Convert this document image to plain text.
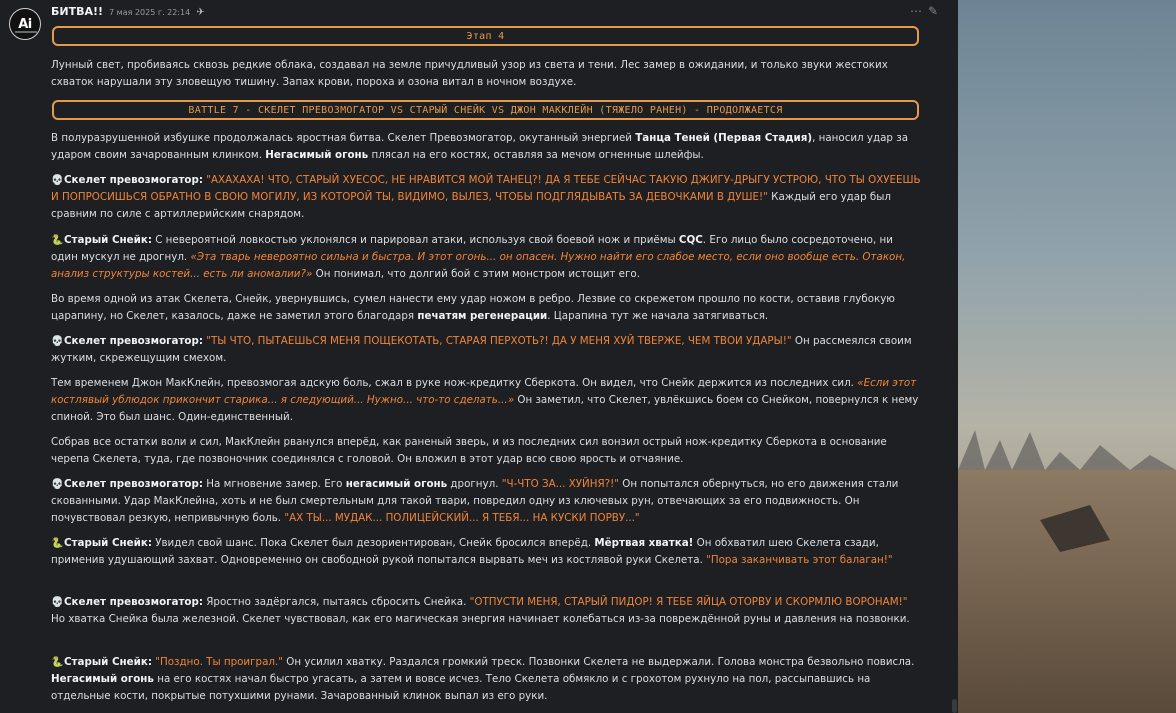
Ai
БИТВА!! 7 мая 2025 г. 22:14 ✈	⋯ ✎
Этап 4
BATTLE 7 - СКЕЛЕТ ПРЕВОЗМОГАТОР VS СТАРЫЙ СНЕЙК VS ДЖОН МАККЛЕЙН (ТЯЖЕЛО РАНЕН) - ПРОДОЛЖАЕТСЯ
Лунный свет, пробиваясь сквозь редкие облака, создавал на земле причудливый узор из света и тени. Лес замер в ожидании, и только звуки жестоких схваток нарушали эту зловещую тишину. Запах крови, пороха и озона витал в ночном воздухе.
В полуразрушенной избушке продолжалась яростная битва. Скелет Превозмогатор, окутанный энергией Танца Теней (Первая Стадия), наносил удар за ударом своим зачарованным клинком. Негасимый огонь плясал на его костях, оставляя за мечом огненные шлейфы.
💀Скелет превозмогатор: "АХАХАХА! ЧТО, СТАРЫЙ ХУЕСОС, НЕ НРАВИТСЯ МОЙ ТАНЕЦ?! ДА Я ТЕБЕ СЕЙЧАС ТАКУЮ ДЖИГУ-ДРЫГУ УСТРОЮ, ЧТО ТЫ ОХУЕЕШЬ И ПОПРОСИШЬСЯ ОБРАТНО В СВОЮ МОГИЛУ, ИЗ КОТОРОЙ ТЫ, ВИДИМО, ВЫЛЕЗ, ЧТОБЫ ПОДГЛЯДЫВАТЬ ЗА ДЕВОЧКАМИ В ДУШЕ!" Каждый его удар был сравним по силе с артиллерийским снарядом.
🐍Старый Снейк: С невероятной ловкостью уклонялся и парировал атаки, используя свой боевой нож и приёмы CQC. Его лицо было сосредоточено, ни один мускул не дрогнул. «Эта тварь невероятно сильна и быстра. И этот огонь... он опасен. Нужно найти его слабое место, если оно вообще есть. Отакон, анализ структуры костей... есть ли аномалии?» Он понимал, что долгий бой с этим монстром истощит его.
Во время одной из атак Скелета, Снейк, увернувшись, сумел нанести ему удар ножом в ребро. Лезвие со скрежетом прошло по кости, оставив глубокую царапину, но Скелет, казалось, даже не заметил этого благодаря печатям регенерации. Царапина тут же начала затягиваться.
💀Скелет превозмогатор: "ТЫ ЧТО, ПЫТАЕШЬСЯ МЕНЯ ПОЩЕКОТАТЬ, СТАРАЯ ПЕРХОТЬ?! ДА У МЕНЯ ХУЙ ТВЕРЖЕ, ЧЕМ ТВОИ УДАРЫ!" Он рассмеялся своим жутким, скрежещущим смехом.
Тем временем Джон МакКлейн, превозмогая адскую боль, сжал в руке нож-кредитку Сберкота. Он видел, что Снейк держится из последних сил. «Если этот костлявый ублюдок прикончит старика... я следующий... Нужно... что-то сделать...» Он заметил, что Скелет, увлёкшись боем со Снейком, повернулся к нему спиной. Это был шанс. Один-единственный.
Собрав все остатки воли и сил, МакКлейн рванулся вперёд, как раненый зверь, и из последних сил вонзил острый нож-кредитку Сберкота в основание черепа Скелета, туда, где позвоночник соединялся с головой. Он вложил в этот удар всю свою ярость и отчаяние.
💀Скелет превозмогатор: На мгновение замер. Его негасимый огонь дрогнул. "Ч-ЧТО ЗА... ХУЙНЯ?!" Он попытался обернуться, но его движения стали скованными. Удар МакКлейна, хоть и не был смертельным для такой твари, повредил одну из ключевых рун, отвечающих за его подвижность. Он почувствовал резкую, непривычную боль. "АХ ТЫ... МУДАК... ПОЛИЦЕЙСКИЙ... Я ТЕБЯ... НА КУСКИ ПОРВУ..."
🐍Старый Снейк: Увидел свой шанс. Пока Скелет был дезориентирован, Снейк бросился вперёд. Мёртвая хватка! Он обхватил шею Скелета сзади, применив удушающий захват. Одновременно он свободной рукой попытался вырвать меч из костлявой руки Скелета. "Пора заканчивать этот балаган!"
💀Скелет превозмогатор: Яростно задёргался, пытаясь сбросить Снейка. "ОТПУСТИ МЕНЯ, СТАРЫЙ ПИДОР! Я ТЕБЕ ЯЙЦА ОТОРВУ И СКОРМЛЮ ВОРОНАМ!" Но хватка Снейка была железной. Скелет чувствовал, как его магическая энергия начинает колебаться из-за повреждённой руны и давления на позвонки.
🐍Старый Снейк: "Поздно. Ты проиграл." Он усилил хватку. Раздался громкий треск. Позвонки Скелета не выдержали. Голова монстра безвольно повисла. Негасимый огонь на его костях начал быстро угасать, а затем и вовсе исчез. Тело Скелета обмякло и с грохотом рухнуло на пол, рассыпавшись на отдельные кости, покрытые потухшими рунами. Зачарованный клинок выпал из его руки.
